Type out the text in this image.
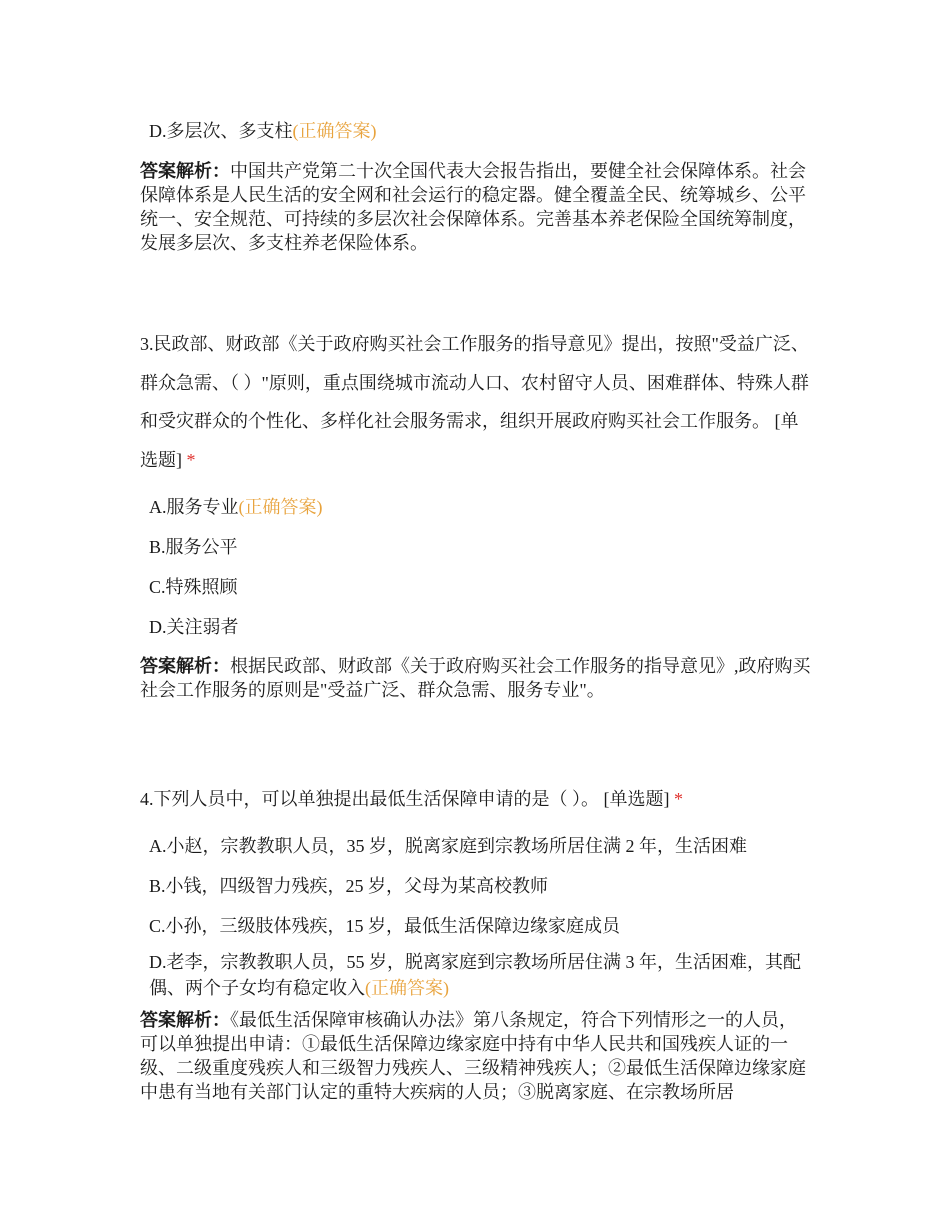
D.多层次、多支柱(正确答案)
答案解析：中国共产党第二十次全国代表大会报告指出，要健全社会保障体系。社会保障体系是人民生活的安全网和社会运行的稳定器。健全覆盖全民、统筹城乡、公平统一、安全规范、可持续的多层次社会保障体系。完善基本养老保险全国统筹制度，发展多层次、多支柱养老保险体系。
3.民政部、财政部《关于政府购买社会工作服务的指导意见》提出，按照"受益广泛、群众急需、（ ）"原则，重点围绕城市流动人口、农村留守人员、困难群体、特殊人群和受灾群众的个性化、多样化社会服务需求，组织开展政府购买社会工作服务。 [单选题] *
A.服务专业(正确答案)
B.服务公平
C.特殊照顾
D.关注弱者
答案解析：根据民政部、财政部《关于政府购买社会工作服务的指导意见》,政府购买社会工作服务的原则是"受益广泛、群众急需、服务专业"。
4.下列人员中，可以单独提出最低生活保障申请的是（ ）。 [单选题] *
A.小赵，宗教教职人员，35 岁，脱离家庭到宗教场所居住满 2 年，生活困难
B.小钱，四级智力残疾，25 岁，父母为某高校教师
C.小孙，三级肢体残疾，15 岁，最低生活保障边缘家庭成员
D.老李，宗教教职人员，55 岁，脱离家庭到宗教场所居住满 3 年，生活困难，其配偶、两个子女均有稳定收入(正确答案)
答案解析：《最低生活保障审核确认办法》第八条规定，符合下列情形之一的人员，可以单独提出申请：①最低生活保障边缘家庭中持有中华人民共和国残疾人证的一级、二级重度残疾人和三级智力残疾人、三级精神残疾人；②最低生活保障边缘家庭中患有当地有关部门认定的重特大疾病的人员；③脱离家庭、在宗教场所居
